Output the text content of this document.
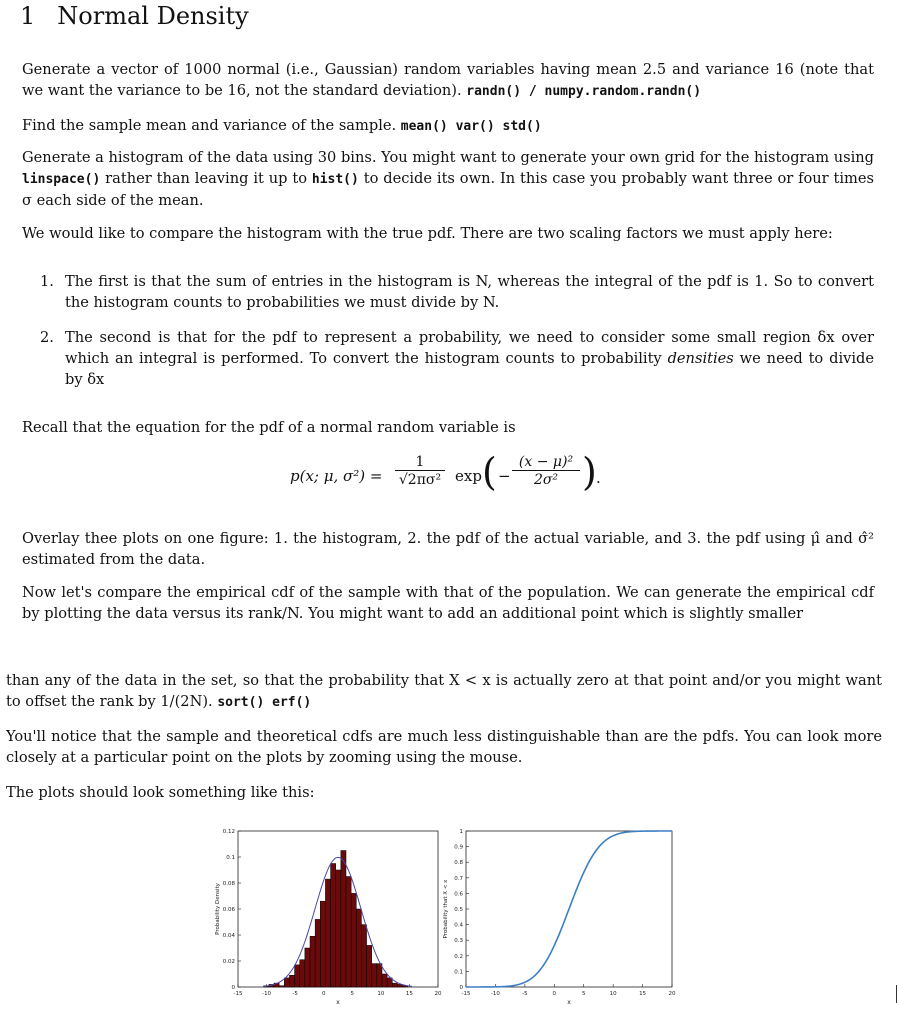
1 Normal Density

Generate a vector of 1000 normal (i.e., Gaussian) random variables having mean 2.5 and variance 16 (note that we want the variance to be 16, not the standard deviation). randn() / numpy.random.randn()

Find the sample mean and variance of the sample. mean() var() std()

Generate a histogram of the data using 30 bins. You might want to generate your own grid for the histogram using linspace() rather than leaving it up to hist() to decide its own. In this case you probably want three or four times σ each side of the mean.

We would like to compare the histogram with the true pdf. There are two scaling factors we must apply here:

1. The first is that the sum of entries in the histogram is N, whereas the integral of the pdf is 1. So to convert the histogram counts to probabilities we must divide by N.
2. The second is that for the pdf to represent a probability, we need to consider some small region δx over which an integral is performed. To convert the histogram counts to probability densities we need to divide by δx

Recall that the equation for the pdf of a normal random variable is

p(x; μ, $\sigma^2) = \frac{1}{\text{√2πσ²}}$ exp ( − $\frac{\text{(x − μ)²}}{\text{2σ²}}$ ) .

Overlay thee plots on one figure: 1. the histogram, 2. the pdf of the actual variable, and 3. the pdf using μ̂ and σ̂² estimated from the data.

Now let's compare the empirical cdf of the sample with that of the population. We can generate the empirical cdf by plotting the data versus its rank/N. You might want to add an additional point which is slightly smaller

than any of the data in the set, so that the probability that X < x is actually zero at that point and/or you might want to offset the rank by 1/(2N). sort() erf()

You'll notice that the sample and theoretical cdfs are much less distinguishable than are the pdfs. You can look more closely at a particular point on the plots by zooming using the mouse.

The plots should look something like this:

-15	-10	-5	0	5	10	15	20
0
0.02
0.04
0.06
0.08
0.1
0.12
x
Probability Density
-15	-10	-5	0	5	10	15	20
0
0.1
0.2
0.3
0.4
0.5
0.6
0.7
0.8
0.9
1
x
Probability that X < x
